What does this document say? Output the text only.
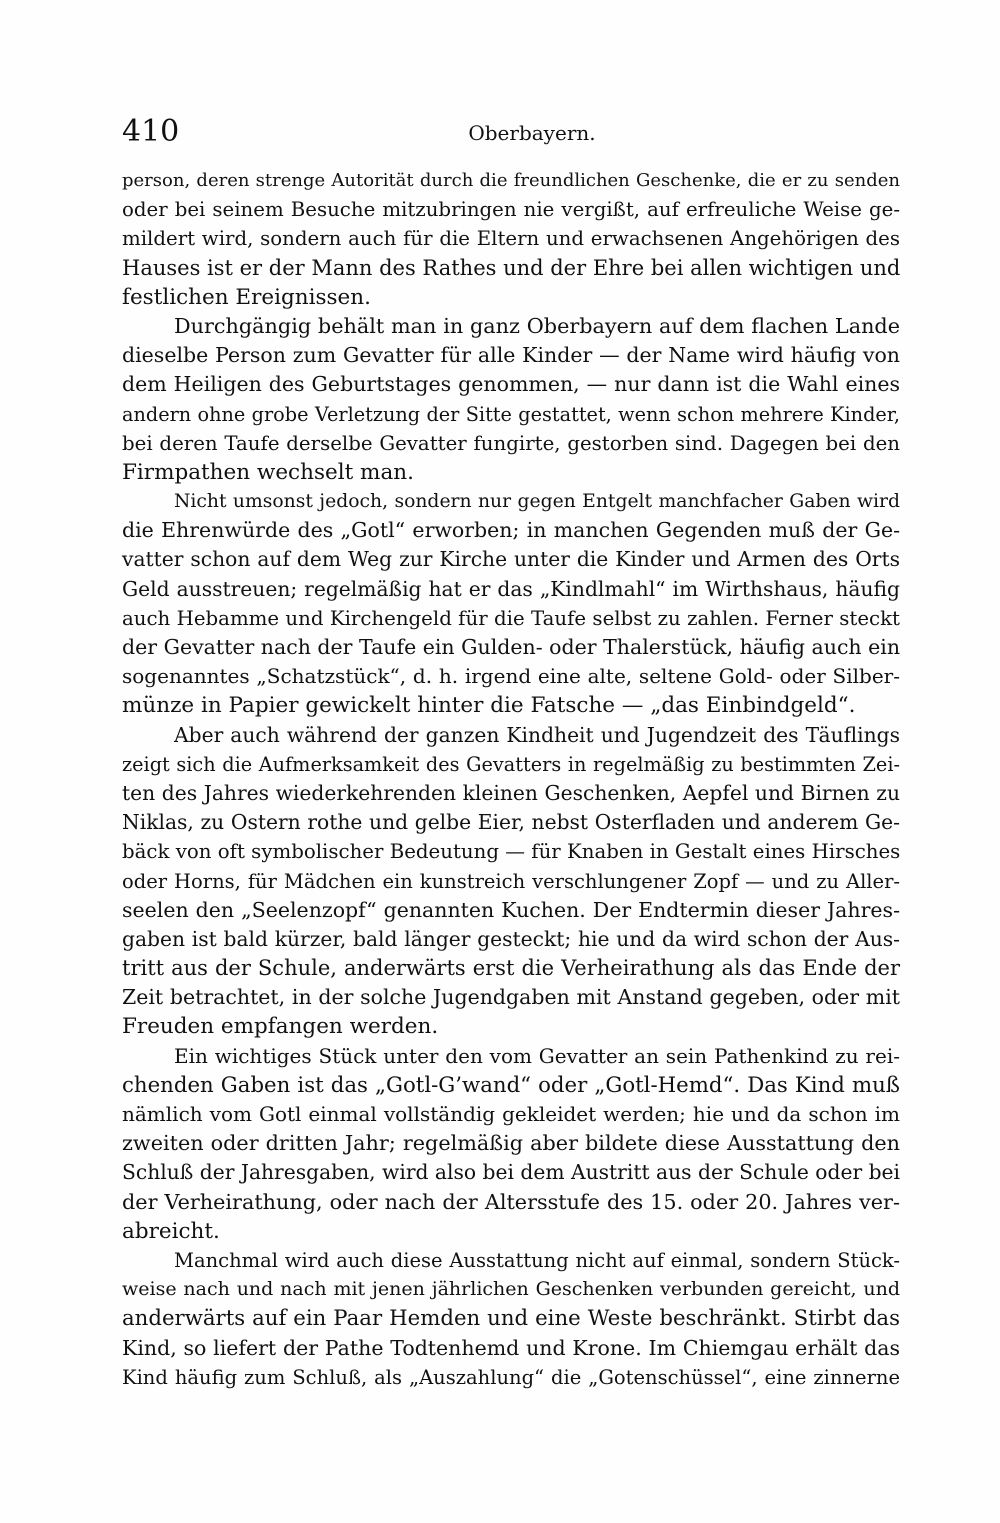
410	Oberbayern.
person, deren strenge Autorität durch die freundlichen Geschenke, die er zu senden
oder bei seinem Besuche mitzubringen nie vergißt, auf erfreuliche Weise ge-
mildert wird, sondern auch für die Eltern und erwachsenen Angehörigen des
Hauses ist er der Mann des Rathes und der Ehre bei allen wichtigen und
festlichen Ereignissen.
Durchgängig behält man in ganz Oberbayern auf dem flachen Lande
dieselbe Person zum Gevatter für alle Kinder — der Name wird häufig von
dem Heiligen des Geburtstages genommen, — nur dann ist die Wahl eines
andern ohne grobe Verletzung der Sitte gestattet, wenn schon mehrere Kinder,
bei deren Taufe derselbe Gevatter fungirte, gestorben sind. Dagegen bei den
Firmpathen wechselt man.
Nicht umsonst jedoch, sondern nur gegen Entgelt manchfacher Gaben wird
die Ehrenwürde des „Gotl“ erworben; in manchen Gegenden muß der Ge-
vatter schon auf dem Weg zur Kirche unter die Kinder und Armen des Orts
Geld ausstreuen; regelmäßig hat er das „Kindlmahl“ im Wirthshaus, häufig
auch Hebamme und Kirchengeld für die Taufe selbst zu zahlen. Ferner steckt
der Gevatter nach der Taufe ein Gulden- oder Thalerstück, häufig auch ein
sogenanntes „Schatzstück“, d. h. irgend eine alte, seltene Gold- oder Silber-
münze in Papier gewickelt hinter die Fatsche — „das Einbindgeld“.
Aber auch während der ganzen Kindheit und Jugendzeit des Täuflings
zeigt sich die Aufmerksamkeit des Gevatters in regelmäßig zu bestimmten Zei-
ten des Jahres wiederkehrenden kleinen Geschenken, Aepfel und Birnen zu
Niklas, zu Ostern rothe und gelbe Eier, nebst Osterfladen und anderem Ge-
bäck von oft symbolischer Bedeutung — für Knaben in Gestalt eines Hirsches
oder Horns, für Mädchen ein kunstreich verschlungener Zopf — und zu Aller-
seelen den „Seelenzopf“ genannten Kuchen. Der Endtermin dieser Jahres-
gaben ist bald kürzer, bald länger gesteckt; hie und da wird schon der Aus-
tritt aus der Schule, anderwärts erst die Verheirathung als das Ende der
Zeit betrachtet, in der solche Jugendgaben mit Anstand gegeben, oder mit
Freuden empfangen werden.
Ein wichtiges Stück unter den vom Gevatter an sein Pathenkind zu rei-
chenden Gaben ist das „Gotl-G’wand“ oder „Gotl-Hemd“. Das Kind muß
nämlich vom Gotl einmal vollständig gekleidet werden; hie und da schon im
zweiten oder dritten Jahr; regelmäßig aber bildete diese Ausstattung den
Schluß der Jahresgaben, wird also bei dem Austritt aus der Schule oder bei
der Verheirathung, oder nach der Altersstufe des 15. oder 20. Jahres ver-
abreicht.
Manchmal wird auch diese Ausstattung nicht auf einmal, sondern Stück-
weise nach und nach mit jenen jährlichen Geschenken verbunden gereicht, und
anderwärts auf ein Paar Hemden und eine Weste beschränkt. Stirbt das
Kind, so liefert der Pathe Todtenhemd und Krone. Im Chiemgau erhält das
Kind häufig zum Schluß, als „Auszahlung“ die „Gotenschüssel“, eine zinnerne
